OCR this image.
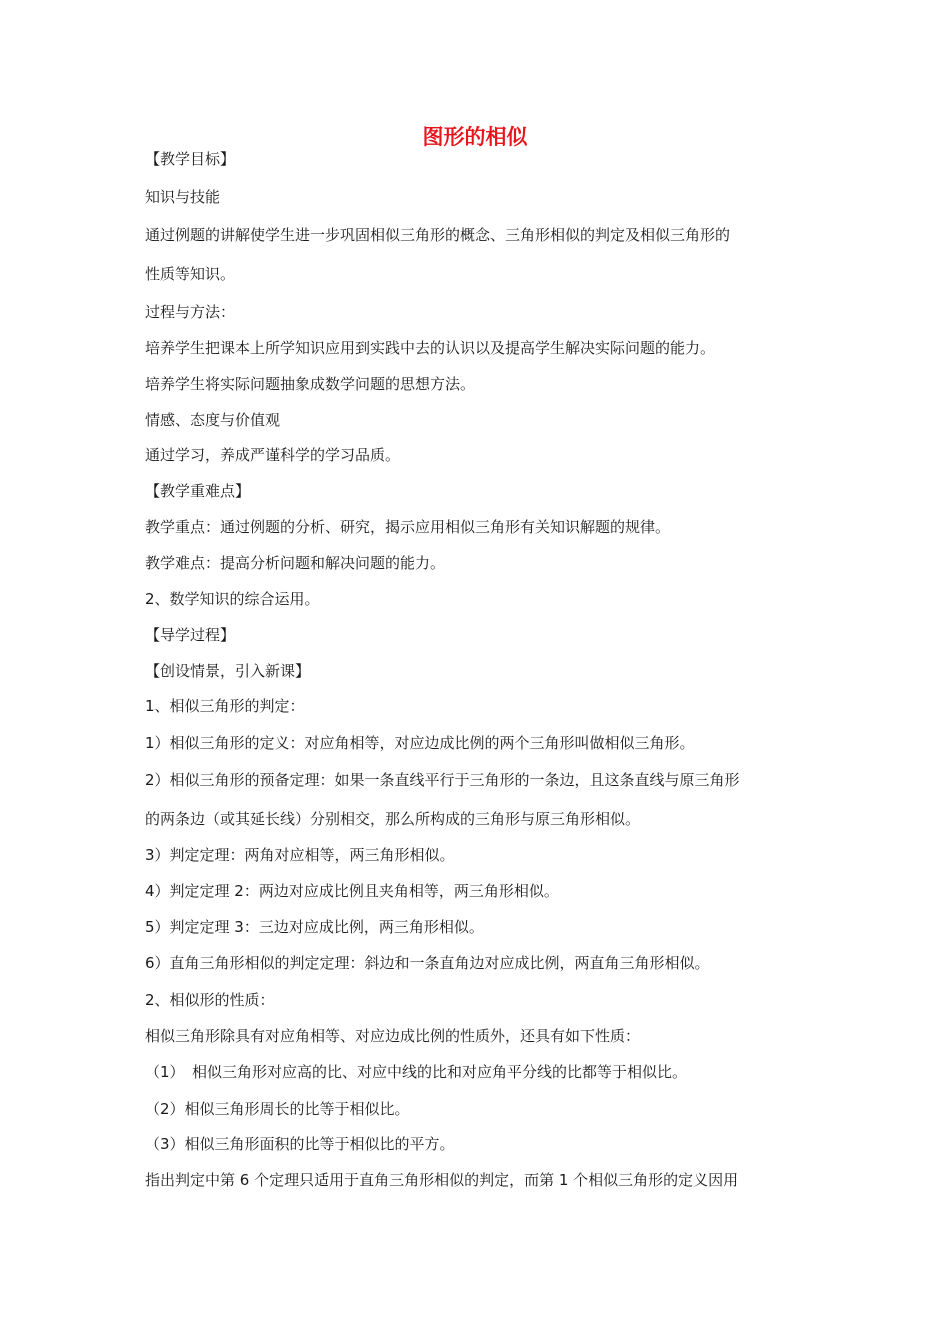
图形的相似

【教学目标】

知识与技能

通过例题的讲解使学生进一步巩固相似三角形的概念、三角形相似的判定及相似三角形的

性质等知识。

过程与方法：

培养学生把课本上所学知识应用到实践中去的认识以及提高学生解决实际问题的能力。

培养学生将实际问题抽象成数学问题的思想方法。

情感、态度与价值观

通过学习，养成严谨科学的学习品质。

【教学重难点】

教学重点：通过例题的分析、研究，揭示应用相似三角形有关知识解题的规律。

教学难点：提高分析问题和解决问题的能力。

2、数学知识的综合运用。

【导学过程】

【创设情景，引入新课】

1、相似三角形的判定：

1）相似三角形的定义：对应角相等，对应边成比例的两个三角形叫做相似三角形。

2）相似三角形的预备定理：如果一条直线平行于三角形的一条边，且这条直线与原三角形

的两条边（或其延长线）分别相交，那么所构成的三角形与原三角形相似。

3）判定定理：两角对应相等，两三角形相似。

4）判定定理 2：两边对应成比例且夹角相等，两三角形相似。

5）判定定理 3：三边对应成比例，两三角形相似。

6）直角三角形相似的判定定理：斜边和一条直角边对应成比例，两直角三角形相似。

2、相似形的性质：

相似三角形除具有对应角相等、对应边成比例的性质外，还具有如下性质：

（1）　相似三角形对应高的比、对应中线的比和对应角平分线的比都等于相似比。

（2）相似三角形周长的比等于相似比。

（3）相似三角形面积的比等于相似比的平方。

指出判定中第 6 个定理只适用于直角三角形相似的判定，而第 1 个相似三角形的定义因用
